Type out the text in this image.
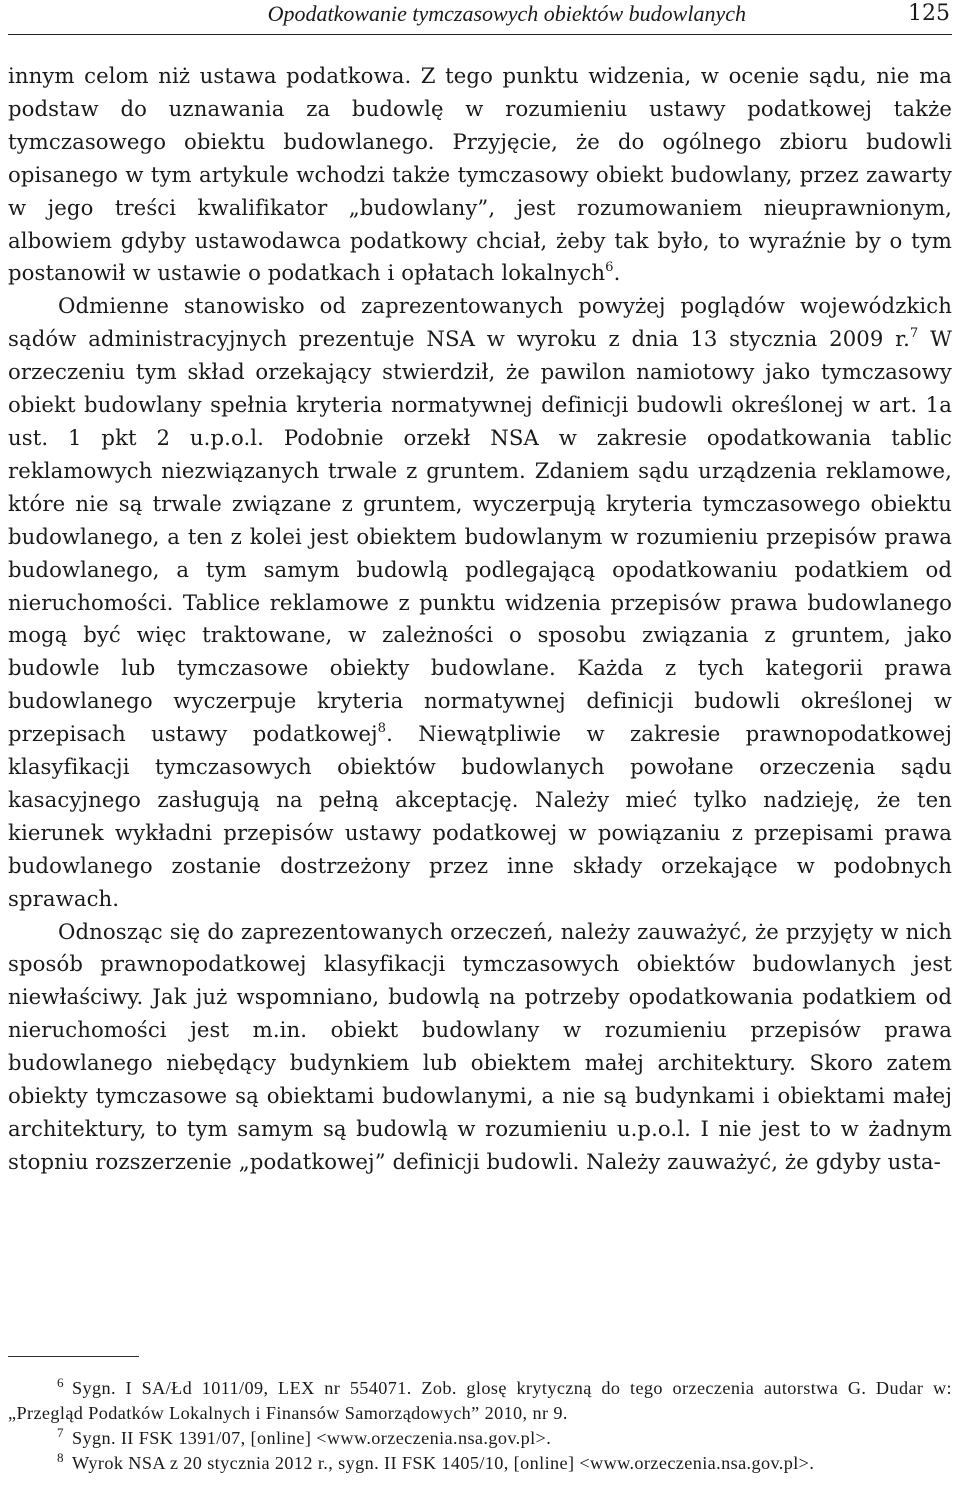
Opodatkowanie tymczasowych obiektów budowlanych	125

innym celom niż ustawa podatkowa. Z tego punktu widzenia, w ocenie sądu, nie ma podstaw do uznawania za budowlę w rozumieniu ustawy podatkowej także tymczasowego obiektu budowlanego. Przyjęcie, że do ogólnego zbioru budowli opisanego w tym artykule wchodzi także tymczasowy obiekt budowlany, przez zawarty w jego treści kwalifikator „budowlany”, jest rozumowaniem nieuprawnionym, albowiem gdyby ustawodawca podatkowy chciał, żeby tak było, to wyraźnie by o tym postanowił w ustawie o podatkach i opłatach lokalnych$^6$.

Odmienne stanowisko od zaprezentowanych powyżej poglądów wojewódzkich sądów administracyjnych prezentuje NSA w wyroku z dnia 13 stycznia 2009 r.$^7$ W orzeczeniu tym skład orzekający stwierdził, że pawilon namiotowy jako tymczasowy obiekt budowlany spełnia kryteria normatywnej definicji budowli określonej w art. 1a ust. 1 pkt 2 u.p.o.l. Podobnie orzekł NSA w zakresie opodatkowania tablic reklamowych niezwiązanych trwale z gruntem. Zdaniem sądu urządzenia reklamowe, które nie są trwale związane z gruntem, wyczerpują kryteria tymczasowego obiektu budowlanego, a ten z kolei jest obiektem budowlanym w rozumieniu przepisów prawa budowlanego, a tym samym budowlą podlegającą opodatkowaniu podatkiem od nieruchomości. Tablice reklamowe z punktu widzenia przepisów prawa budowlanego mogą być więc traktowane, w zależności o sposobu związania z gruntem, jako budowle lub tymczasowe obiekty budowlane. Każda z tych kategorii prawa budowlanego wyczerpuje kryteria normatywnej definicji budowli określonej w przepisach ustawy podatkowej$^8$. Niewątpliwie w zakresie prawnopodatkowej klasyfikacji tymczasowych obiektów budowlanych powołane orzeczenia sądu kasacyjnego zasługują na pełną akceptację. Należy mieć tylko nadzieję, że ten kierunek wykładni przepisów ustawy podatkowej w powiązaniu z przepisami prawa budowlanego zostanie dostrzeżony przez inne składy orzekające w podobnych sprawach.

Odnosząc się do zaprezentowanych orzeczeń, należy zauważyć, że przyjęty w nich sposób prawnopodatkowej klasyfikacji tymczasowych obiektów budowlanych jest niewłaściwy. Jak już wspomniano, budowlą na potrzeby opodatkowania podatkiem od nieruchomości jest m.in. obiekt budowlany w rozumieniu przepisów prawa budowlanego niebędący budynkiem lub obiektem małej architektury. Skoro zatem obiekty tymczasowe są obiektami budowlanymi, a nie są budynkami i obiektami małej architektury, to tym samym są budowlą w rozumieniu u.p.o.l. I nie jest to w żadnym stopniu rozszerzenie „podatkowej” definicji budowli. Należy zauważyć, że gdyby usta-

$^6$ Sygn. I SA/Łd 1011/09, LEX nr 554071. Zob. glosę krytyczną do tego orzeczenia autorstwa G. Dudar w: „Przegląd Podatków Lokalnych i Finansów Samorządowych” 2010, nr 9.

$^7$ Sygn. II FSK 1391/07, [online] <www.orzeczenia.nsa.gov.pl>.

$^8$ Wyrok NSA z 20 stycznia 2012 r., sygn. II FSK 1405/10, [online] <www.orzeczenia.nsa.gov.pl>.
